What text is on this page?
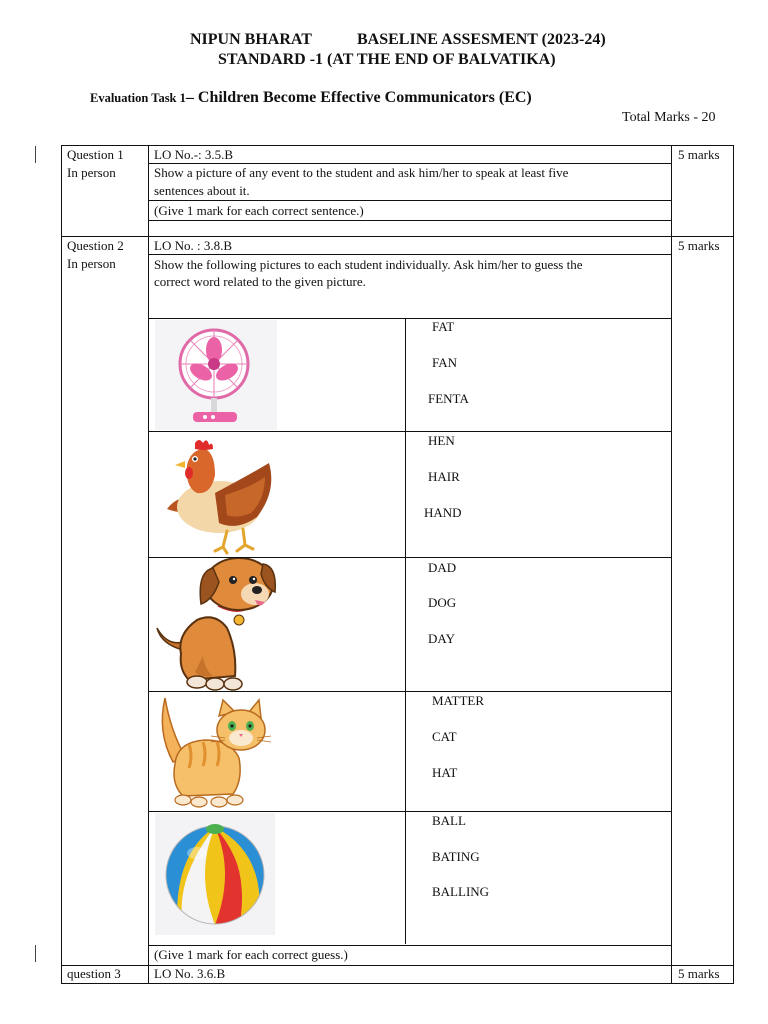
NIPUN BHARAT	BASELINE ASSESMENT (2023-24)
STANDARD -1 (AT THE END OF BALVATIKA)
Evaluation Task 1– Children Become Effective Communicators (EC)
Total Marks - 20
Question 1
In person
LO No.-: 3.5.B	5 marks
Show a picture of any event to the student and ask him/her to speak at least five
sentences about it.
(Give 1 mark for each correct sentence.)
Question 2
In person
LO No. : 3.8.B	5 marks
Show the following pictures to each student individually. Ask him/her to guess the
correct word related to the given picture.
FAT
FAN
FENTA
HEN
HAIR
HAND
DAD
DOG
DAY
MATTER
CAT
HAT
BALL
BATING
BALLING
(Give 1 mark for each correct guess.)
question 3	LO No. 3.6.B	5 marks
